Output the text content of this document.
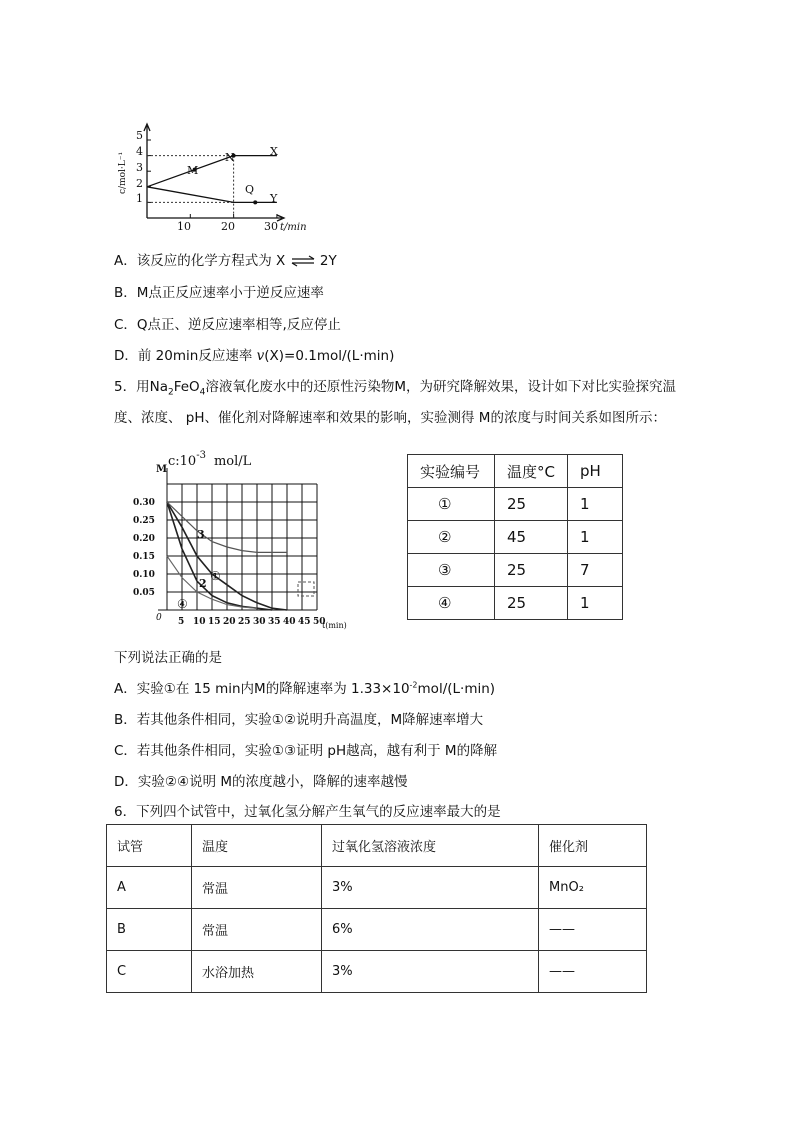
1
2
3
4
5
10	20	30 t/min
c/mol·L⁻¹
X
Y
M
N
Q
A．该反应的化学方程式为 X ⇌ 2Y
B．M点正反应速率小于逆反应速率
C．Q点正、逆反应速率相等,反应停止
D．前 20min反应速率 v(X)=0.1mol/(L·min)
5．用$Na_2FeO_4$溶液氧化废水中的还原性污染物M，为研究降解效果，设计如下对比实验探究温
度、浓度、 pH、催化剂对降解速率和效果的影响，实验测得 M的浓度与时间关系如图所示：
M
$c:10^{-3}$ mol/L
0
t(min)
0.05
0.10
0.15
0.20
0.25
0.30
5 10 15 20 25 30 35 40 45 50
①
2
3
④
实验编号	温度°C	pH
①	25	1
②	45	1
③	25	7
④	25	1
下列说法正确的是
A．实验①在 15 min内M的降解速率为 $1.33\times 10^{-2}mol/(L\cdot\min)$
B．若其他条件相同，实验①②说明升高温度，M降解速率增大
C．若其他条件相同，实验①③证明 pH越高，越有利于 M的降解
D．实验②④说明 M的浓度越小，降解的速率越慢
6．下列四个试管中，过氧化氢分解产生氧气的反应速率最大的是
试管	温度	过氧化氢溶液浓度	催化剂
A	常温	3%	MnO₂
B	常温	6%	——
C	水浴加热	3%	——
